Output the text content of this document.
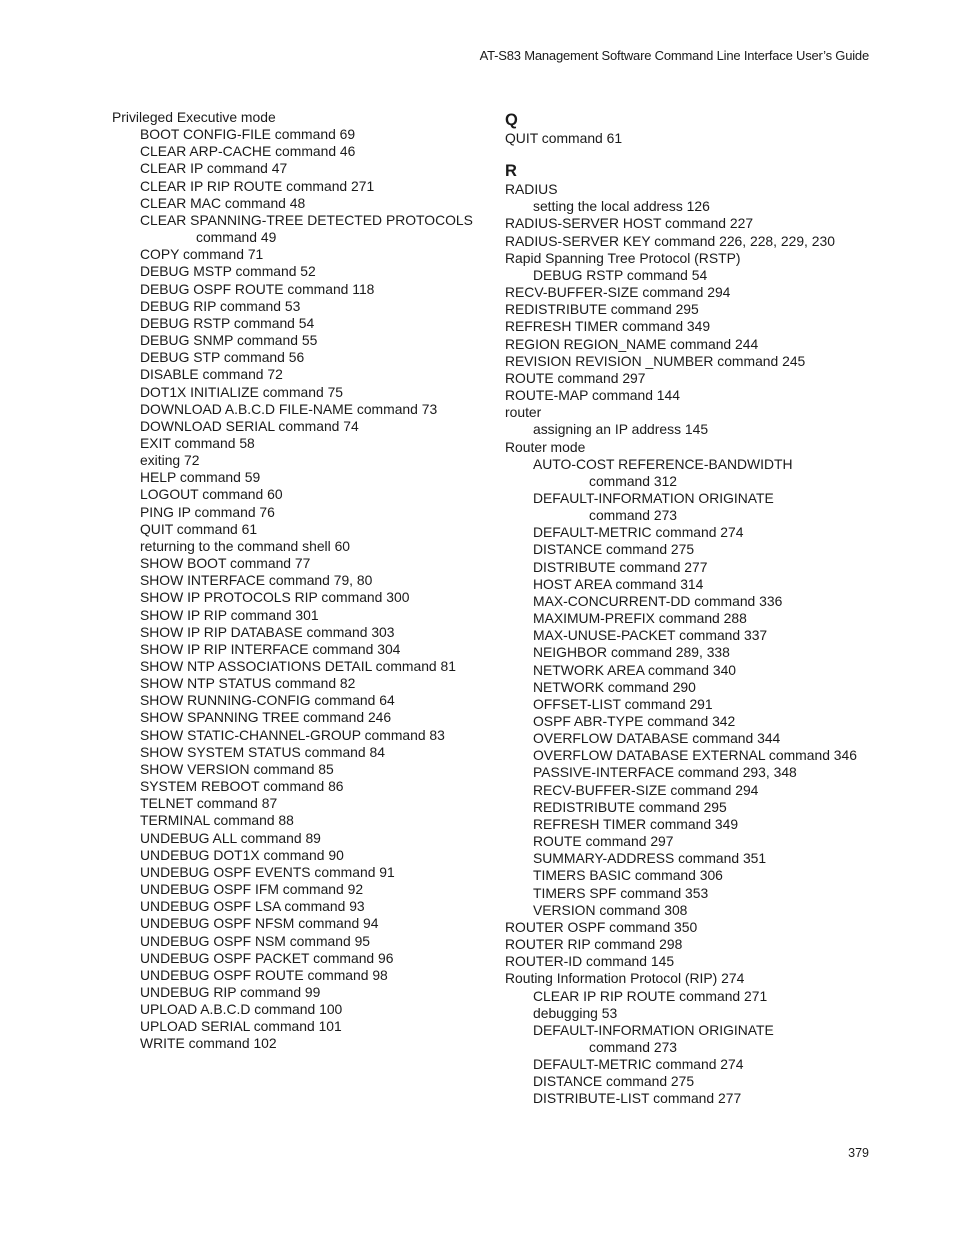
AT-S83 Management Software Command Line Interface User’s Guide
Privileged Executive mode
BOOT CONFIG-FILE command 69
CLEAR ARP-CACHE command 46
CLEAR IP command 47
CLEAR IP RIP ROUTE command 271
CLEAR MAC command 48
CLEAR SPANNING-TREE DETECTED PROTOCOLS
command 49
COPY command 71
DEBUG MSTP command 52
DEBUG OSPF ROUTE command 118
DEBUG RIP command 53
DEBUG RSTP command 54
DEBUG SNMP command 55
DEBUG STP command 56
DISABLE command 72
DOT1X INITIALIZE command 75
DOWNLOAD A.B.C.D FILE-NAME command 73
DOWNLOAD SERIAL command 74
EXIT command 58
exiting 72
HELP command 59
LOGOUT command 60
PING IP command 76
QUIT command 61
returning to the command shell 60
SHOW BOOT command 77
SHOW INTERFACE command 79, 80
SHOW IP PROTOCOLS RIP command 300
SHOW IP RIP command 301
SHOW IP RIP DATABASE command 303
SHOW IP RIP INTERFACE command 304
SHOW NTP ASSOCIATIONS DETAIL command 81
SHOW NTP STATUS command 82
SHOW RUNNING-CONFIG command 64
SHOW SPANNING TREE command 246
SHOW STATIC-CHANNEL-GROUP command 83
SHOW SYSTEM STATUS command 84
SHOW VERSION command 85
SYSTEM REBOOT command 86
TELNET command 87
TERMINAL command 88
UNDEBUG ALL command 89
UNDEBUG DOT1X command 90
UNDEBUG OSPF EVENTS command 91
UNDEBUG OSPF IFM command 92
UNDEBUG OSPF LSA command 93
UNDEBUG OSPF NFSM command 94
UNDEBUG OSPF NSM command 95
UNDEBUG OSPF PACKET command 96
UNDEBUG OSPF ROUTE command 98
UNDEBUG RIP command 99
UPLOAD A.B.C.D command 100
UPLOAD SERIAL command 101
WRITE command 102
Q
QUIT command 61
R
RADIUS
setting the local address 126
RADIUS-SERVER HOST command 227
RADIUS-SERVER KEY command 226, 228, 229, 230
Rapid Spanning Tree Protocol (RSTP)
DEBUG RSTP command 54
RECV-BUFFER-SIZE command 294
REDISTRIBUTE command 295
REFRESH TIMER command 349
REGION REGION_NAME command 244
REVISION REVISION _NUMBER command 245
ROUTE command 297
ROUTE-MAP command 144
router
assigning an IP address 145
Router mode
AUTO-COST REFERENCE-BANDWIDTH
command 312
DEFAULT-INFORMATION ORIGINATE
command 273
DEFAULT-METRIC command 274
DISTANCE command 275
DISTRIBUTE command 277
HOST AREA command 314
MAX-CONCURRENT-DD command 336
MAXIMUM-PREFIX command 288
MAX-UNUSE-PACKET command 337
NEIGHBOR command 289, 338
NETWORK AREA command 340
NETWORK command 290
OFFSET-LIST command 291
OSPF ABR-TYPE command 342
OVERFLOW DATABASE command 344
OVERFLOW DATABASE EXTERNAL command 346
PASSIVE-INTERFACE command 293, 348
RECV-BUFFER-SIZE command 294
REDISTRIBUTE command 295
REFRESH TIMER command 349
ROUTE command 297
SUMMARY-ADDRESS command 351
TIMERS BASIC command 306
TIMERS SPF command 353
VERSION command 308
ROUTER OSPF command 350
ROUTER RIP command 298
ROUTER-ID command 145
Routing Information Protocol (RIP) 274
CLEAR IP RIP ROUTE command 271
debugging 53
DEFAULT-INFORMATION ORIGINATE
command 273
DEFAULT-METRIC command 274
DISTANCE command 275
DISTRIBUTE-LIST command 277
379
